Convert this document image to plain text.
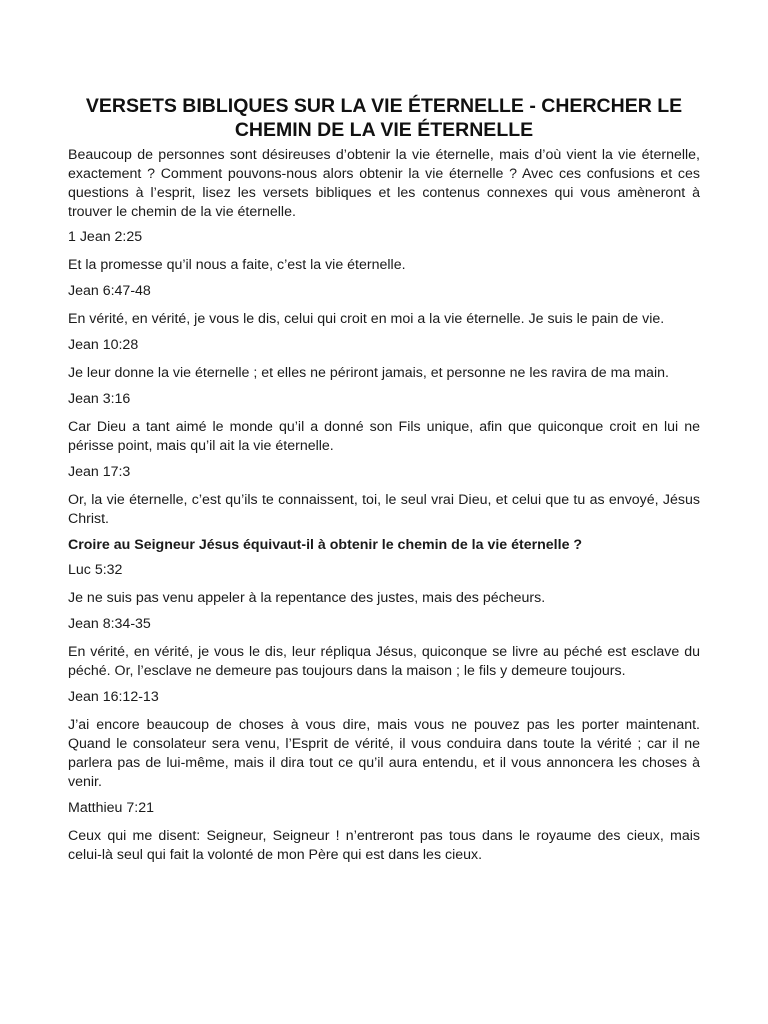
VERSETS BIBLIQUES SUR LA VIE ÉTERNELLE - CHERCHER LE CHEMIN DE LA VIE ÉTERNELLE

Beaucoup de personnes sont désireuses d’obtenir la vie éternelle, mais d’où vient la vie éternelle, exactement ? Comment pouvons-nous alors obtenir la vie éternelle ? Avec ces confusions et ces questions à l’esprit, lisez les versets bibliques et les contenus connexes qui vous amèneront à trouver le chemin de la vie éternelle.

1 Jean 2:25

Et la promesse qu’il nous a faite, c’est la vie éternelle.

Jean 6:47-48

En vérité, en vérité, je vous le dis, celui qui croit en moi a la vie éternelle. Je suis le pain de vie.

Jean 10:28

Je leur donne la vie éternelle ; et elles ne périront jamais, et personne ne les ravira de ma main.

Jean 3:16

Car Dieu a tant aimé le monde qu’il a donné son Fils unique, afin que quiconque croit en lui ne périsse point, mais qu’il ait la vie éternelle.

Jean 17:3

Or, la vie éternelle, c’est qu’ils te connaissent, toi, le seul vrai Dieu, et celui que tu as envoyé, Jésus Christ.

Croire au Seigneur Jésus équivaut-il à obtenir le chemin de la vie éternelle ?

Luc 5:32

Je ne suis pas venu appeler à la repentance des justes, mais des pécheurs.

Jean 8:34-35

En vérité, en vérité, je vous le dis, leur répliqua Jésus, quiconque se livre au péché est esclave du péché. Or, l’esclave ne demeure pas toujours dans la maison ; le fils y demeure toujours.

Jean 16:12-13

J’ai encore beaucoup de choses à vous dire, mais vous ne pouvez pas les porter maintenant. Quand le consolateur sera venu, l’Esprit de vérité, il vous conduira dans toute la vérité ; car il ne parlera pas de lui-même, mais il dira tout ce qu’il aura entendu, et il vous annoncera les choses à venir.

Matthieu 7:21

Ceux qui me disent: Seigneur, Seigneur ! n’entreront pas tous dans le royaume des cieux, mais celui-là seul qui fait la volonté de mon Père qui est dans les cieux.
